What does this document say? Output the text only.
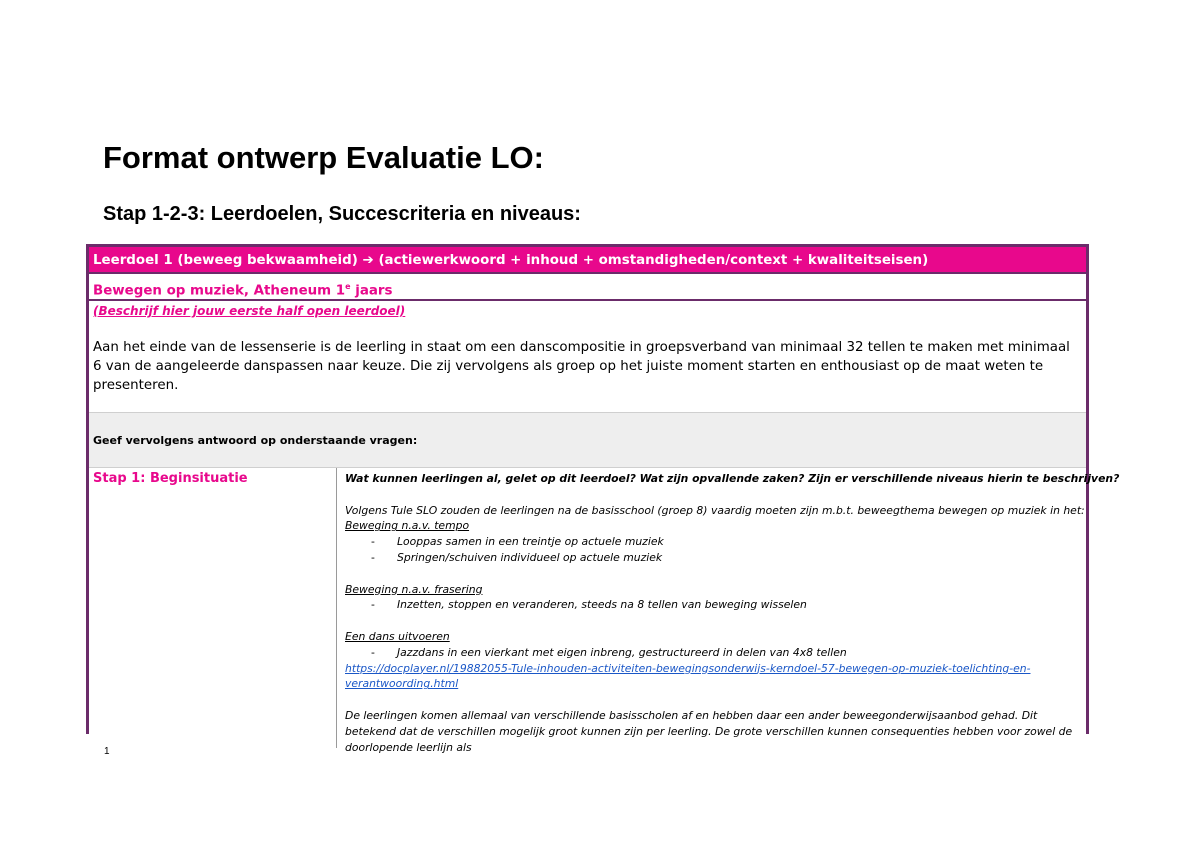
Format ontwerp Evaluatie LO:
Stap 1-2-3: Leerdoelen, Succescriteria en niveaus:
Leerdoel 1 (beweeg bekwaamheid) ➔ (actiewerkwoord + inhoud + omstandigheden/context + kwaliteitseisen)
Bewegen op muziek, Atheneum 1e jaars
(Beschrijf hier jouw eerste half open leerdoel)
Aan het einde van de lessenserie is de leerling in staat om een danscompositie in groepsverband van minimaal 32 tellen te maken met minimaal 6 van de aangeleerde danspassen naar keuze. Die zij vervolgens als groep op het juiste moment starten en enthousiast op de maat weten te presenteren.
Geef vervolgens antwoord op onderstaande vragen:
Stap 1: Beginsituatie	Wat kunnen leerlingen al, gelet op dit leerdoel? Wat zijn opvallende zaken? Zijn er verschillende niveaus hierin te beschrijven?

Volgens Tule SLO zouden de leerlingen na de basisschool (groep 8) vaardig moeten zijn m.b.t. beweegthema bewegen op muziek in het:

Beweging n.a.v. tempo

- Looppas samen in een treintje op actuele muziek

- Springen/schuiven individueel op actuele muziek

Beweging n.a.v. frasering

- Inzetten, stoppen en veranderen, steeds na 8 tellen van beweging wisselen

Een dans uitvoeren

- Jazzdans in een vierkant met eigen inbreng, gestructureerd in delen van 4x8 tellen

https://docplayer.nl/19882055-Tule-inhouden-activiteiten-bewegingsonderwijs-kerndoel-57-bewegen-op-muziek-toelichting-en-verantwoording.html

De leerlingen komen allemaal van verschillende basisscholen af en hebben daar een ander beweegonderwijsaanbod gehad. Dit betekend dat de verschillen mogelijk groot kunnen zijn per leerling. De grote verschillen kunnen consequenties hebben voor zowel de doorlopende leerlijn als

1
